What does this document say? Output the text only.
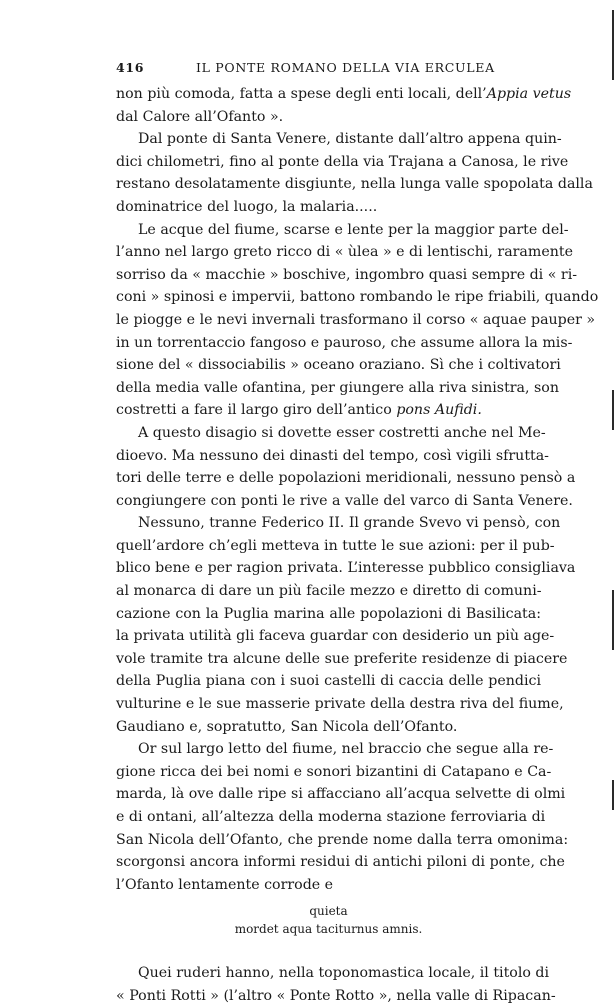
416	IL PONTE ROMANO DELLA VIA ERCULEA
non più comoda, fatta a spese degli enti locali, dell’Appia vetus
dal Calore all’Ofanto ».
Dal ponte di Santa Venere, distante dall’altro appena quin-
dici chilometri, fino al ponte della via Trajana a Canosa, le rive
restano desolatamente disgiunte, nella lunga valle spopolata dalla
dominatrice del luogo, la malaria.....
Le acque del fiume, scarse e lente per la maggior parte del-
l’anno nel largo greto ricco di « ùlea » e di lentischi, raramente
sorriso da « macchie » boschive, ingombro quasi sempre di « ri-
coni » spinosi e impervii, battono rombando le ripe friabili, quando
le piogge e le nevi invernali trasformano il corso « aquae pauper »
in un torrentaccio fangoso e pauroso, che assume allora la mis-
sione del « dissociabilis » oceano oraziano. Sì che i coltivatori
della media valle ofantina, per giungere alla riva sinistra, son
costretti a fare il largo giro dell’antico pons Aufidi.
A questo disagio si dovette esser costretti anche nel Me-
dioevo. Ma nessuno dei dinasti del tempo, così vigili sfrutta-
tori delle terre e delle popolazioni meridionali, nessuno pensò a
congiungere con ponti le rive a valle del varco di Santa Venere.
Nessuno, tranne Federico II. Il grande Svevo vi pensò, con
quell’ardore ch’egli metteva in tutte le sue azioni: per il pub-
blico bene e per ragion privata. L’interesse pubblico consigliava
al monarca di dare un più facile mezzo e diretto di comuni-
cazione con la Puglia marina alle popolazioni di Basilicata:
la privata utilità gli faceva guardar con desiderio un più age-
vole tramite tra alcune delle sue preferite residenze di piacere
della Puglia piana con i suoi castelli di caccia delle pendici
vulturine e le sue masserie private della destra riva del fiume,
Gaudiano e, sopratutto, San Nicola dell’Ofanto.
Or sul largo letto del fiume, nel braccio che segue alla re-
gione ricca dei bei nomi e sonori bizantini di Catapano e Ca-
marda, là ove dalle ripe si affacciano all’acqua selvette di olmi
e di ontani, all’altezza della moderna stazione ferroviaria di
San Nicola dell’Ofanto, che prende nome dalla terra omonima:
scorgonsi ancora informi residui di antichi piloni di ponte, che
l’Ofanto lentamente corrode e
quieta
mordet aqua taciturnus amnis.
Quei ruderi hanno, nella toponomastica locale, il titolo di
« Ponti Rotti » (l’altro « Ponte Rotto », nella valle di Ripacan-
